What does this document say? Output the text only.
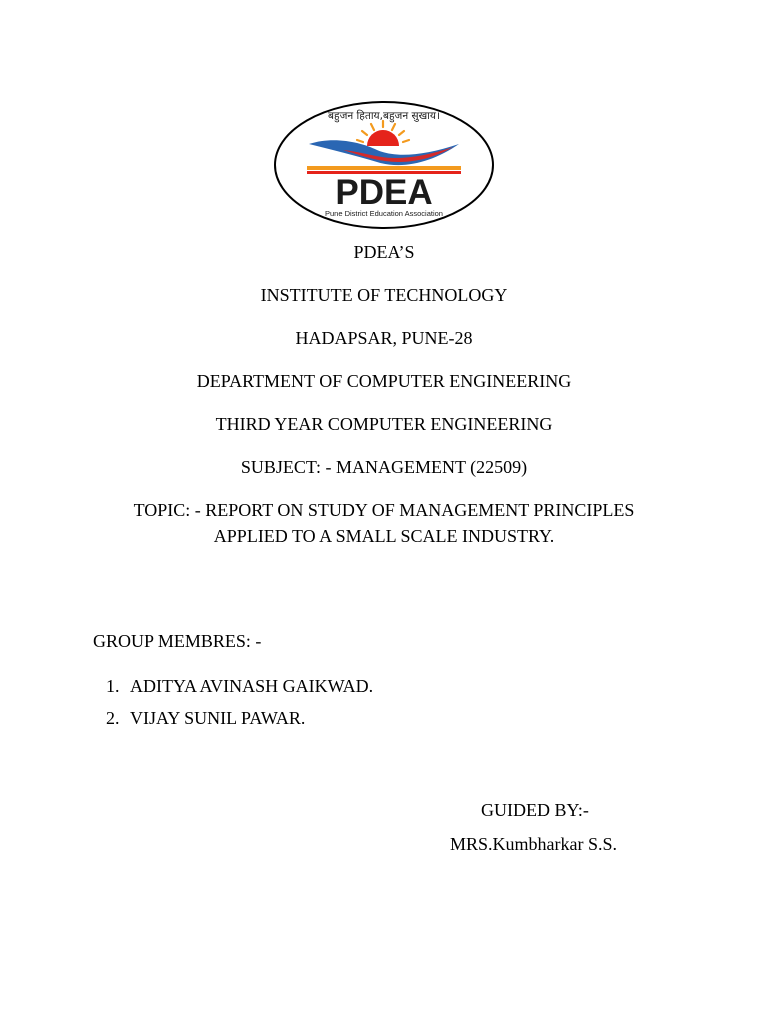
बहुजन हिताय,बहुजन सुखाय।
PDEA
Pune District Education Association
PDEA’S
INSTITUTE OF TECHNOLOGY
HADAPSAR, PUNE-28
DEPARTMENT OF COMPUTER ENGINEERING
THIRD YEAR COMPUTER ENGINEERING
SUBJECT: - MANAGEMENT (22509)
TOPIC: - REPORT ON STUDY OF MANAGEMENT PRINCIPLES
APPLIED TO A SMALL SCALE INDUSTRY.
GROUP MEMBRES: -
1. ADITYA AVINASH GAIKWAD.
2. VIJAY SUNIL PAWAR.
GUIDED BY:-
MRS.Kumbharkar S.S.
